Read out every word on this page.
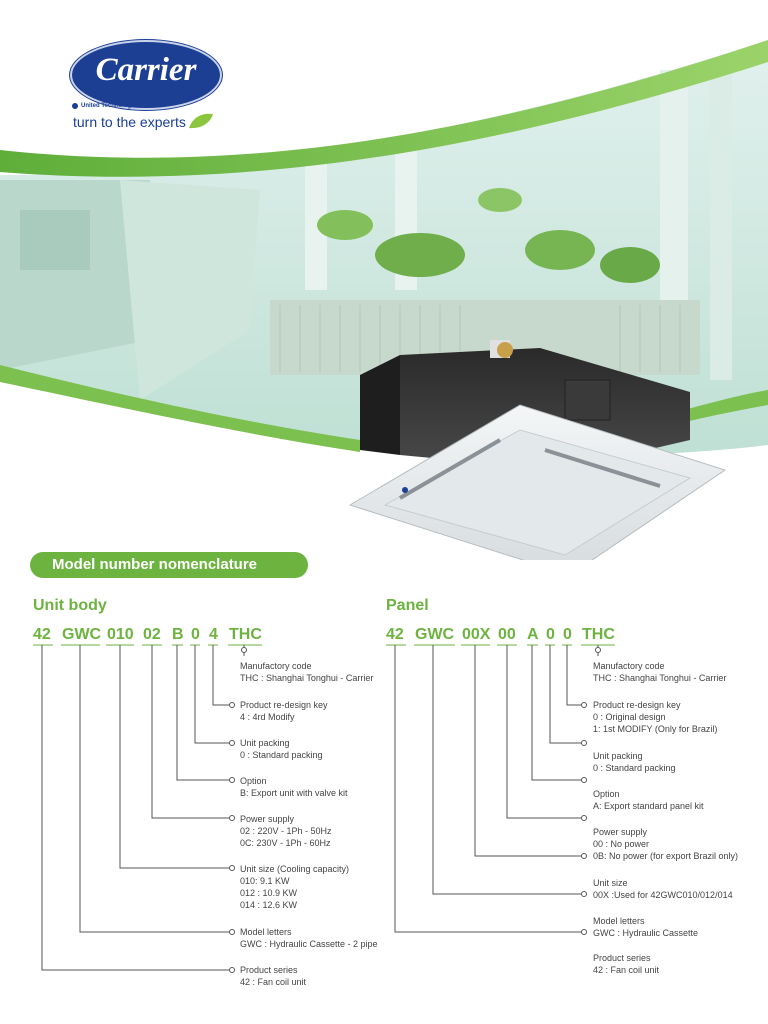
Carrier
United Technologies
turn to the experts
Model number nomenclature
Unit body	Panel
42 GWC 010 02 B 0 4 THC	42 GWC 00X 00 A 0 0 THC
Manufactory code
THC : Shanghai Tonghui - Carrier
Product re-design key
4 : 4rd Modify
Unit packing
0 : Standard packing
Option
B: Export unit with valve kit
Power supply
02 : 220V - 1Ph - 50Hz
0C: 230V - 1Ph - 60Hz
Unit size (Cooling capacity)
010: 9.1 KW
012 : 10.9 KW
014 : 12.6 KW
Model letters
GWC : Hydraulic Cassette - 2 pipe
Product series
42 : Fan coil unit
Manufactory code
THC : Shanghai Tonghui - Carrier
Product re-design key
0 : Original design
1: 1st MODIFY (Only for Brazil)
Unit packing
0 : Standard packing
Option
A: Export standard panel kit
Power supply
00 : No power
0B: No power (for export Brazil only)
Unit size
00X :Used for 42GWC010/012/014
Model letters
GWC : Hydraulic Cassette
Product series
42 : Fan coil unit
